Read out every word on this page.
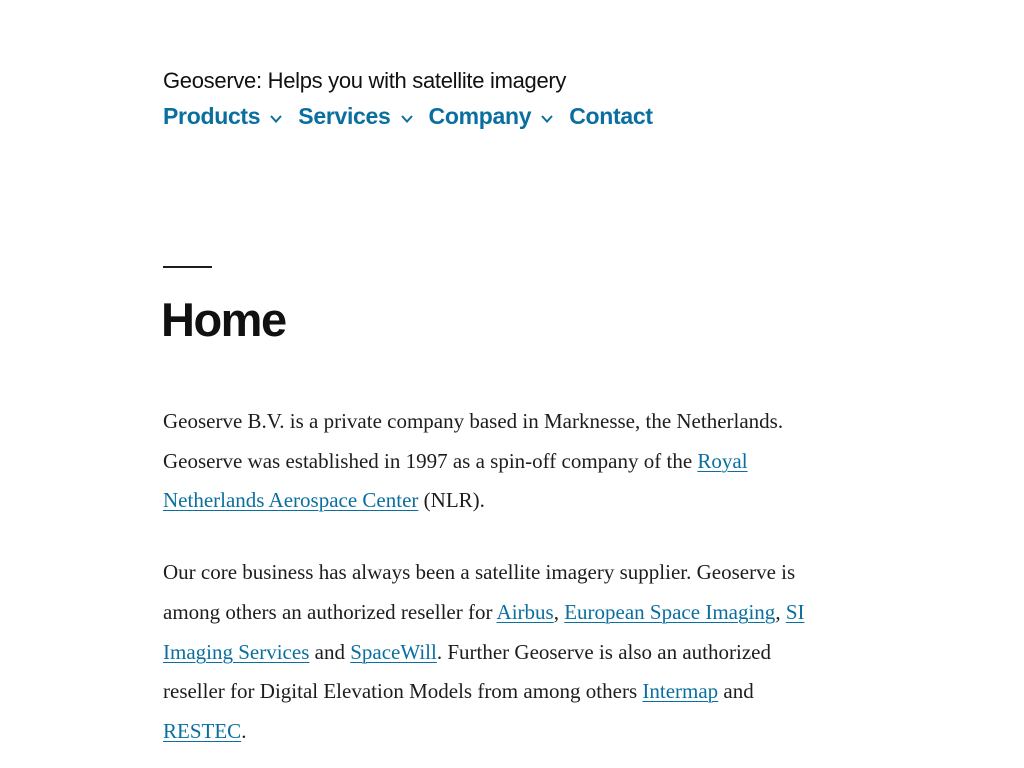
Geoserve: Helps you with satellite imagery

Products Services Company Contact
Home

Geoserve B.V. is a private company based in Marknesse, the Netherlands. Geoserve was established in 1997 as a spin-off company of the Royal Netherlands Aerospace Center (NLR).

Our core business has always been a satellite imagery supplier. Geoserve is among others an authorized reseller for Airbus, European Space Imaging, SI Imaging Services and SpaceWill. Further Geoserve is also an authorized reseller for Digital Elevation Models from among others Intermap and RESTEC.
